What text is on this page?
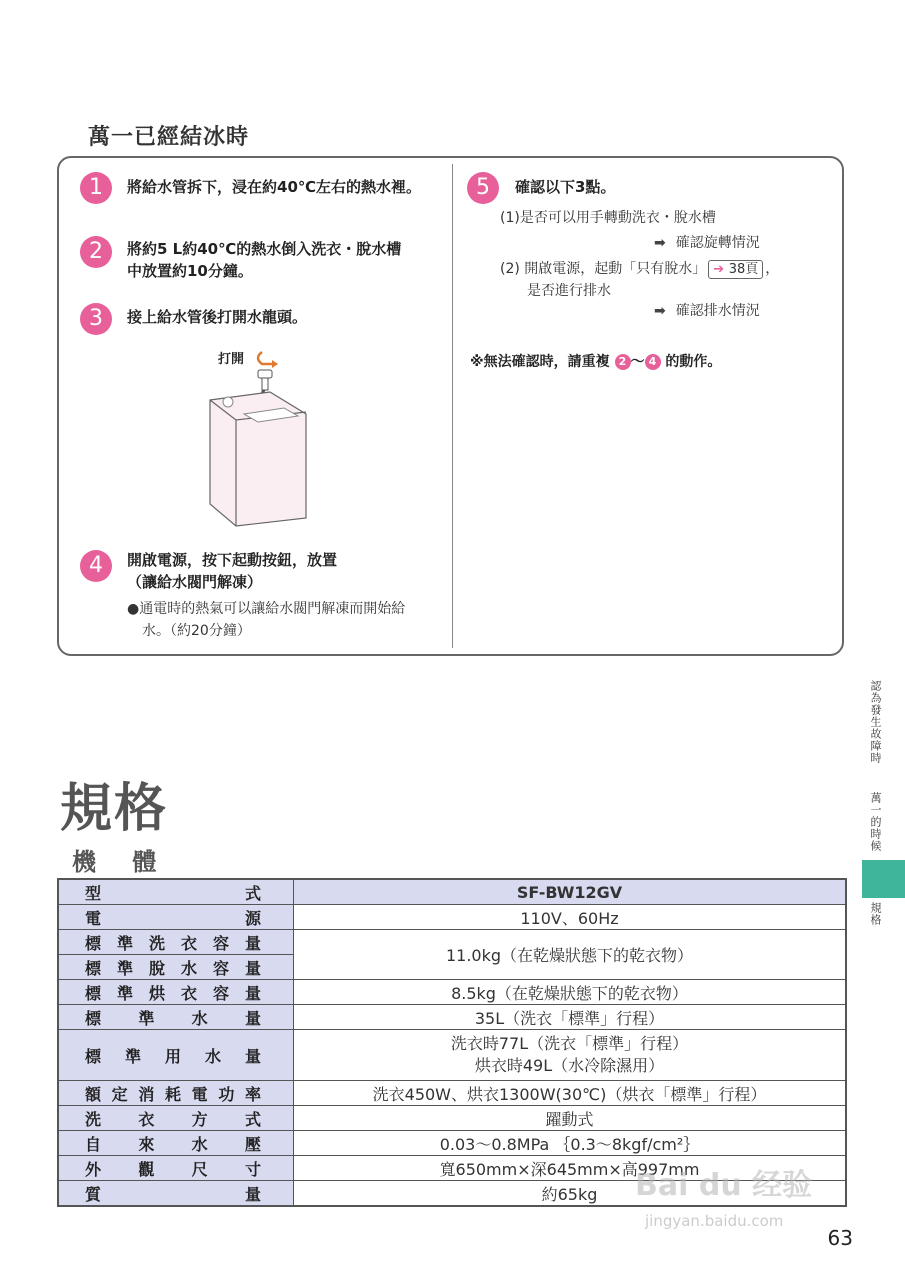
萬一已經結冰時
1	將給水管拆下，浸在約40℃左右的熱水裡。
2	將約5 L約40℃的熱水倒入洗衣・脫水槽
中放置約10分鐘。
3	接上給水管後打開水龍頭。
打開
4	開啟電源，按下起動按鈕，放置
（讓給水閥門解凍）
●通電時的熱氣可以讓給水閥門解凍而開始給
水。（約20分鐘）
5	確認以下3點。
(1)是否可以用手轉動洗衣・脫水槽
➡ 確認旋轉情況
(2) 開啟電源，起動「只有脫水」 ➔ 38頁 ，
是否進行排水
➡ 確認排水情況
※無法確認時，請重複 2 ～ 4 的動作。
認為發生故障時
萬一的時候
規格
規格
機 體
型　　　式	SF-BW12GV
電　　　源	110V、60Hz
標準洗衣容量	11.0kg（在乾燥狀態下的乾衣物）
標準脫水容量	
標準烘衣容量	8.5kg（在乾燥狀態下的乾衣物）
標　準　水　量	35L（洗衣「標準」行程）
標準用水量	洗衣時77L（洗衣「標準」行程）
烘衣時49L（水冷除濕用）

額定消耗電功率	洗衣450W、烘衣1300W(30℃)（烘衣「標準」行程）
洗　衣　方　式	躍動式
自　來　水　壓	0.03～0.8MPa ｛0.3～8kgf/cm²｝
外　觀　尺　寸	寬650mm×深645mm×高997mm
質　　　量	約65kg Bai du 经验
jingyan.baidu.com
63
